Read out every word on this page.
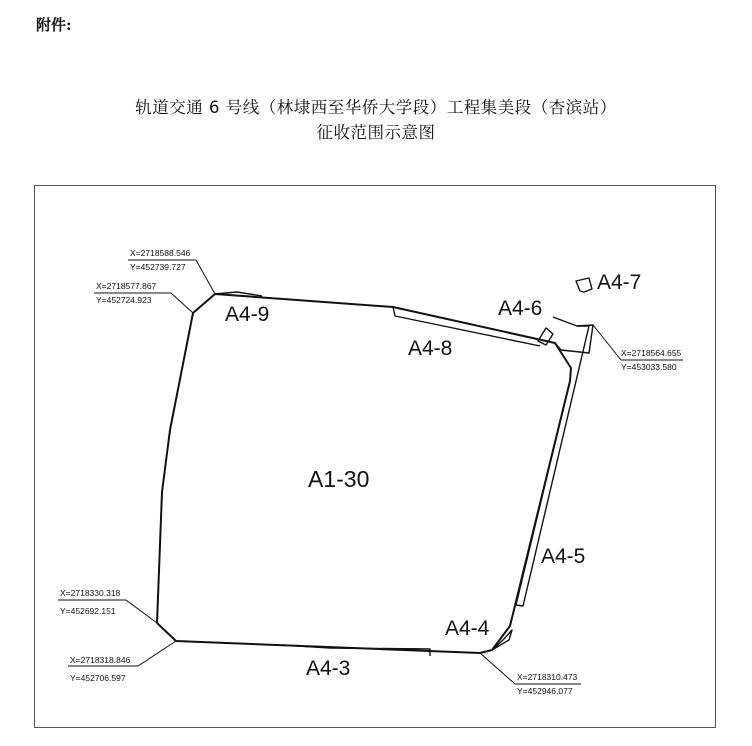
附件:
轨道交通 6 号线（林埭西至华侨大学段）工程集美段（杏滨站）
征收范围示意图
A4-9
A4-8
A4-6
A4-7
A1-30
A4-5
A4-4
A4-3
X=2718588.546
Y=452739.727
X=2718577.867
Y=452724.923
X=2718564.655
Y=453033.580
X=2718330.318
Y=452692.151
X=2718318.846
Y=452706.597	X=2718310.473
Y=452946.077
